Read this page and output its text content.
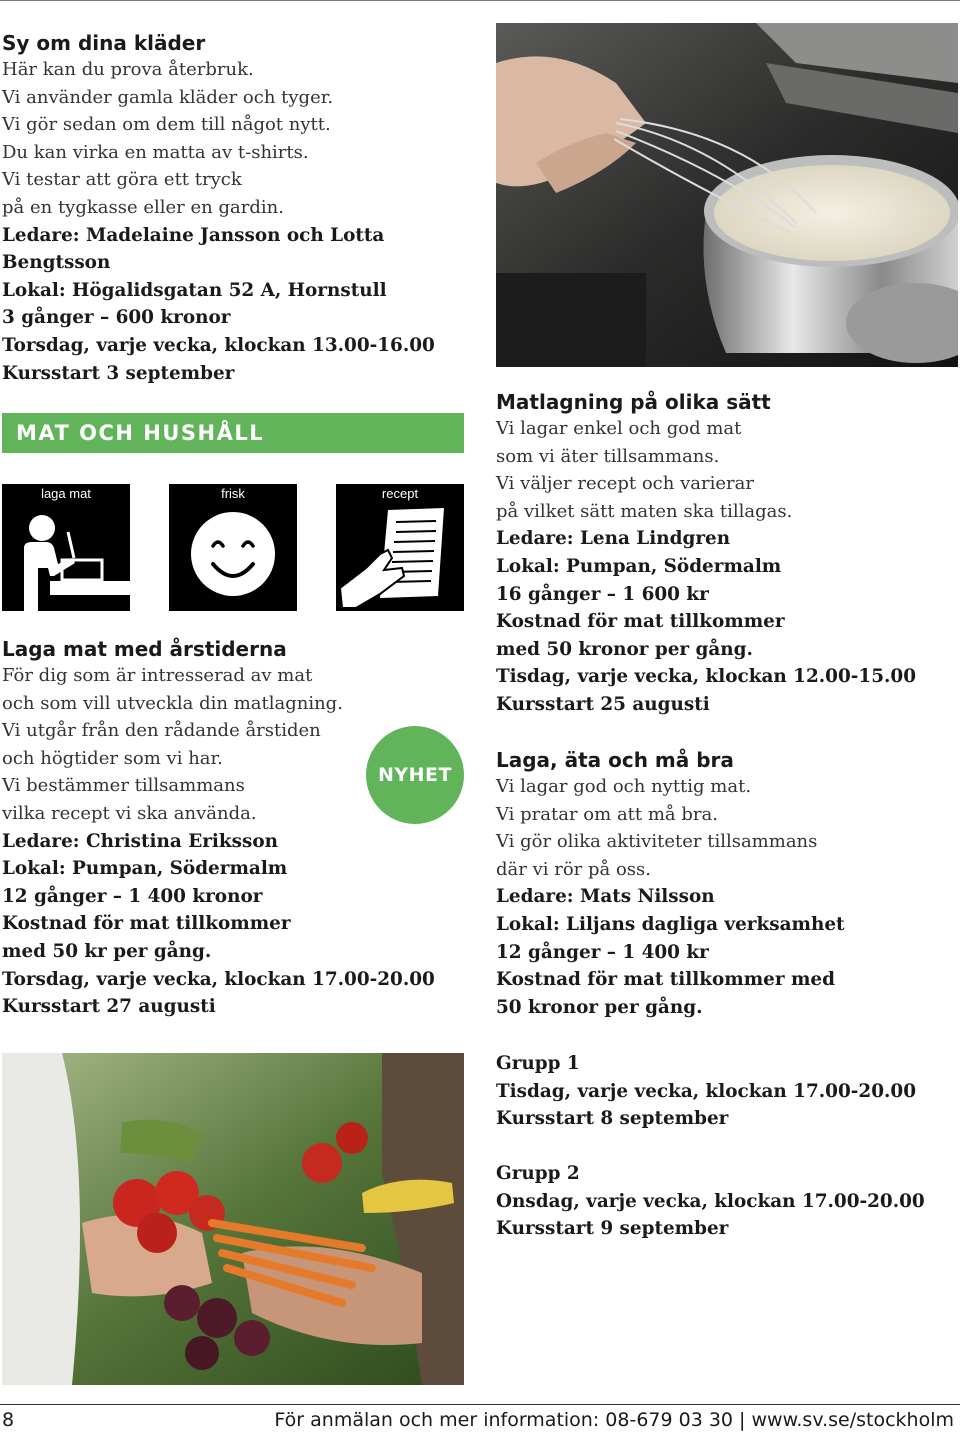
Sy om dina kläder
Här kan du prova återbruk.
Vi använder gamla kläder och tyger.
Vi gör sedan om dem till något nytt.
Du kan virka en matta av t-shirts.
Vi testar att göra ett tryck
på en tygkasse eller en gardin.
Ledare: Madelaine Jansson och Lotta
Bengtsson
Lokal: Högalidsgatan 52 A, Hornstull
3 gånger – 600 kronor
Torsdag, varje vecka, klockan 13.00-16.00
Kursstart 3 september
MAT OCH HUSHÅLL
laga mat	frisk	recept
Laga mat med årstiderna
För dig som är intresserad av mat
och som vill utveckla din matlagning.
Vi utgår från den rådande årstiden
och högtider som vi har.
Vi bestämmer tillsammans
vilka recept vi ska använda.
Ledare: Christina Eriksson
Lokal: Pumpan, Södermalm
12 gånger – 1 400 kronor
Kostnad för mat tillkommer
med 50 kr per gång.
Torsdag, varje vecka, klockan 17.00-20.00
Kursstart 27 augusti
NYHET
Matlagning på olika sätt
Vi lagar enkel och god mat
som vi äter tillsammans.
Vi väljer recept och varierar
på vilket sätt maten ska tillagas.
Ledare: Lena Lindgren
Lokal: Pumpan, Södermalm
16 gånger – 1 600 kr
Kostnad för mat tillkommer
med 50 kronor per gång.
Tisdag, varje vecka, klockan 12.00-15.00
Kursstart 25 augusti
Laga, äta och må bra
Vi lagar god och nyttig mat.
Vi pratar om att må bra.
Vi gör olika aktiviteter tillsammans
där vi rör på oss.
Ledare: Mats Nilsson
Lokal: Liljans dagliga verksamhet
12 gånger – 1 400 kr
Kostnad för mat tillkommer med
50 kronor per gång.
Grupp 1
Tisdag, varje vecka, klockan 17.00-20.00
Kursstart 8 september
Grupp 2
Onsdag, varje vecka, klockan 17.00-20.00
Kursstart 9 september
8	För anmälan och mer information: 08-679 03 30 | www.sv.se/stockholm
